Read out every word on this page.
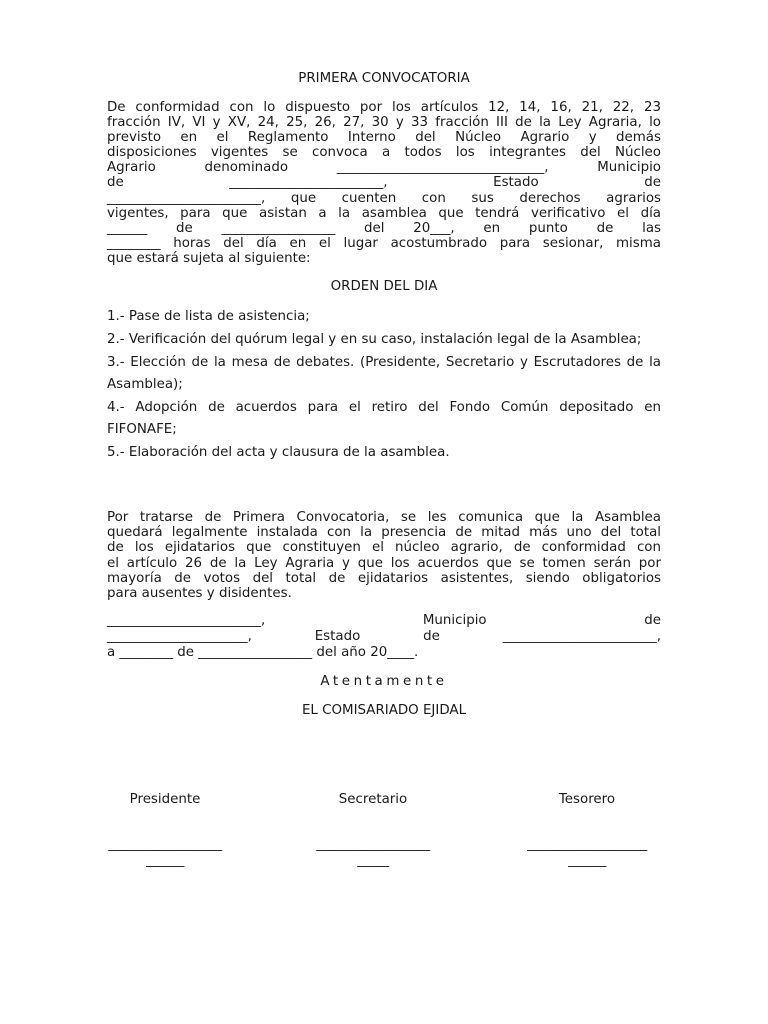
PRIMERA CONVOCATORIA
De conformidad con lo dispuesto por los artículos 12, 14, 16, 21, 22, 23
fracción IV, VI y XV, 24, 25, 26, 27, 30 y 33 fracción III de la Ley Agraria, lo
previsto en el Reglamento Interno del Núcleo Agrario y demás
disposiciones vigentes se convoca a todos los integrantes del Núcleo
Agrario denominado _______________________________, Municipio
de _______________________, Estado de
_______________________, que cuenten con sus derechos agrarios
vigentes, para que asistan a la asamblea que tendrá verificativo el día
______ de _________________ del 20___, en punto de las
________ horas del día en el lugar acostumbrado para sesionar, misma
que estará sujeta al siguiente:
ORDEN DEL DIA
1.- Pase de lista de asistencia;
2.- Verificación del quórum legal y en su caso, instalación legal de la Asamblea;
3.- Elección de la mesa de debates. (Presidente, Secretario y Escrutadores de la Asamblea);
4.- Adopción de acuerdos para el retiro del Fondo Común depositado en FIFONAFE;
5.- Elaboración del acta y clausura de la asamblea.
Por tratarse de Primera Convocatoria, se les comunica que la Asamblea
quedará legalmente instalada con la presencia de mitad más uno del total
de los ejidatarios que constituyen el núcleo agrario, de conformidad con
el artículo 26 de la Ley Agraria y que los acuerdos que se tomen serán por
mayoría de votos del total de ejidatarios asistentes, siendo obligatorios
para ausentes y disidentes.
_______________________, Municipio de
_____________________, Estado de _______________________,
a ________ de _________________ del año 20____.
Atentamente
EL COMISARIADO EJIDAL
Presidente
__________________
______
Secretario
__________________
_____
Tesorero
___________________
______
